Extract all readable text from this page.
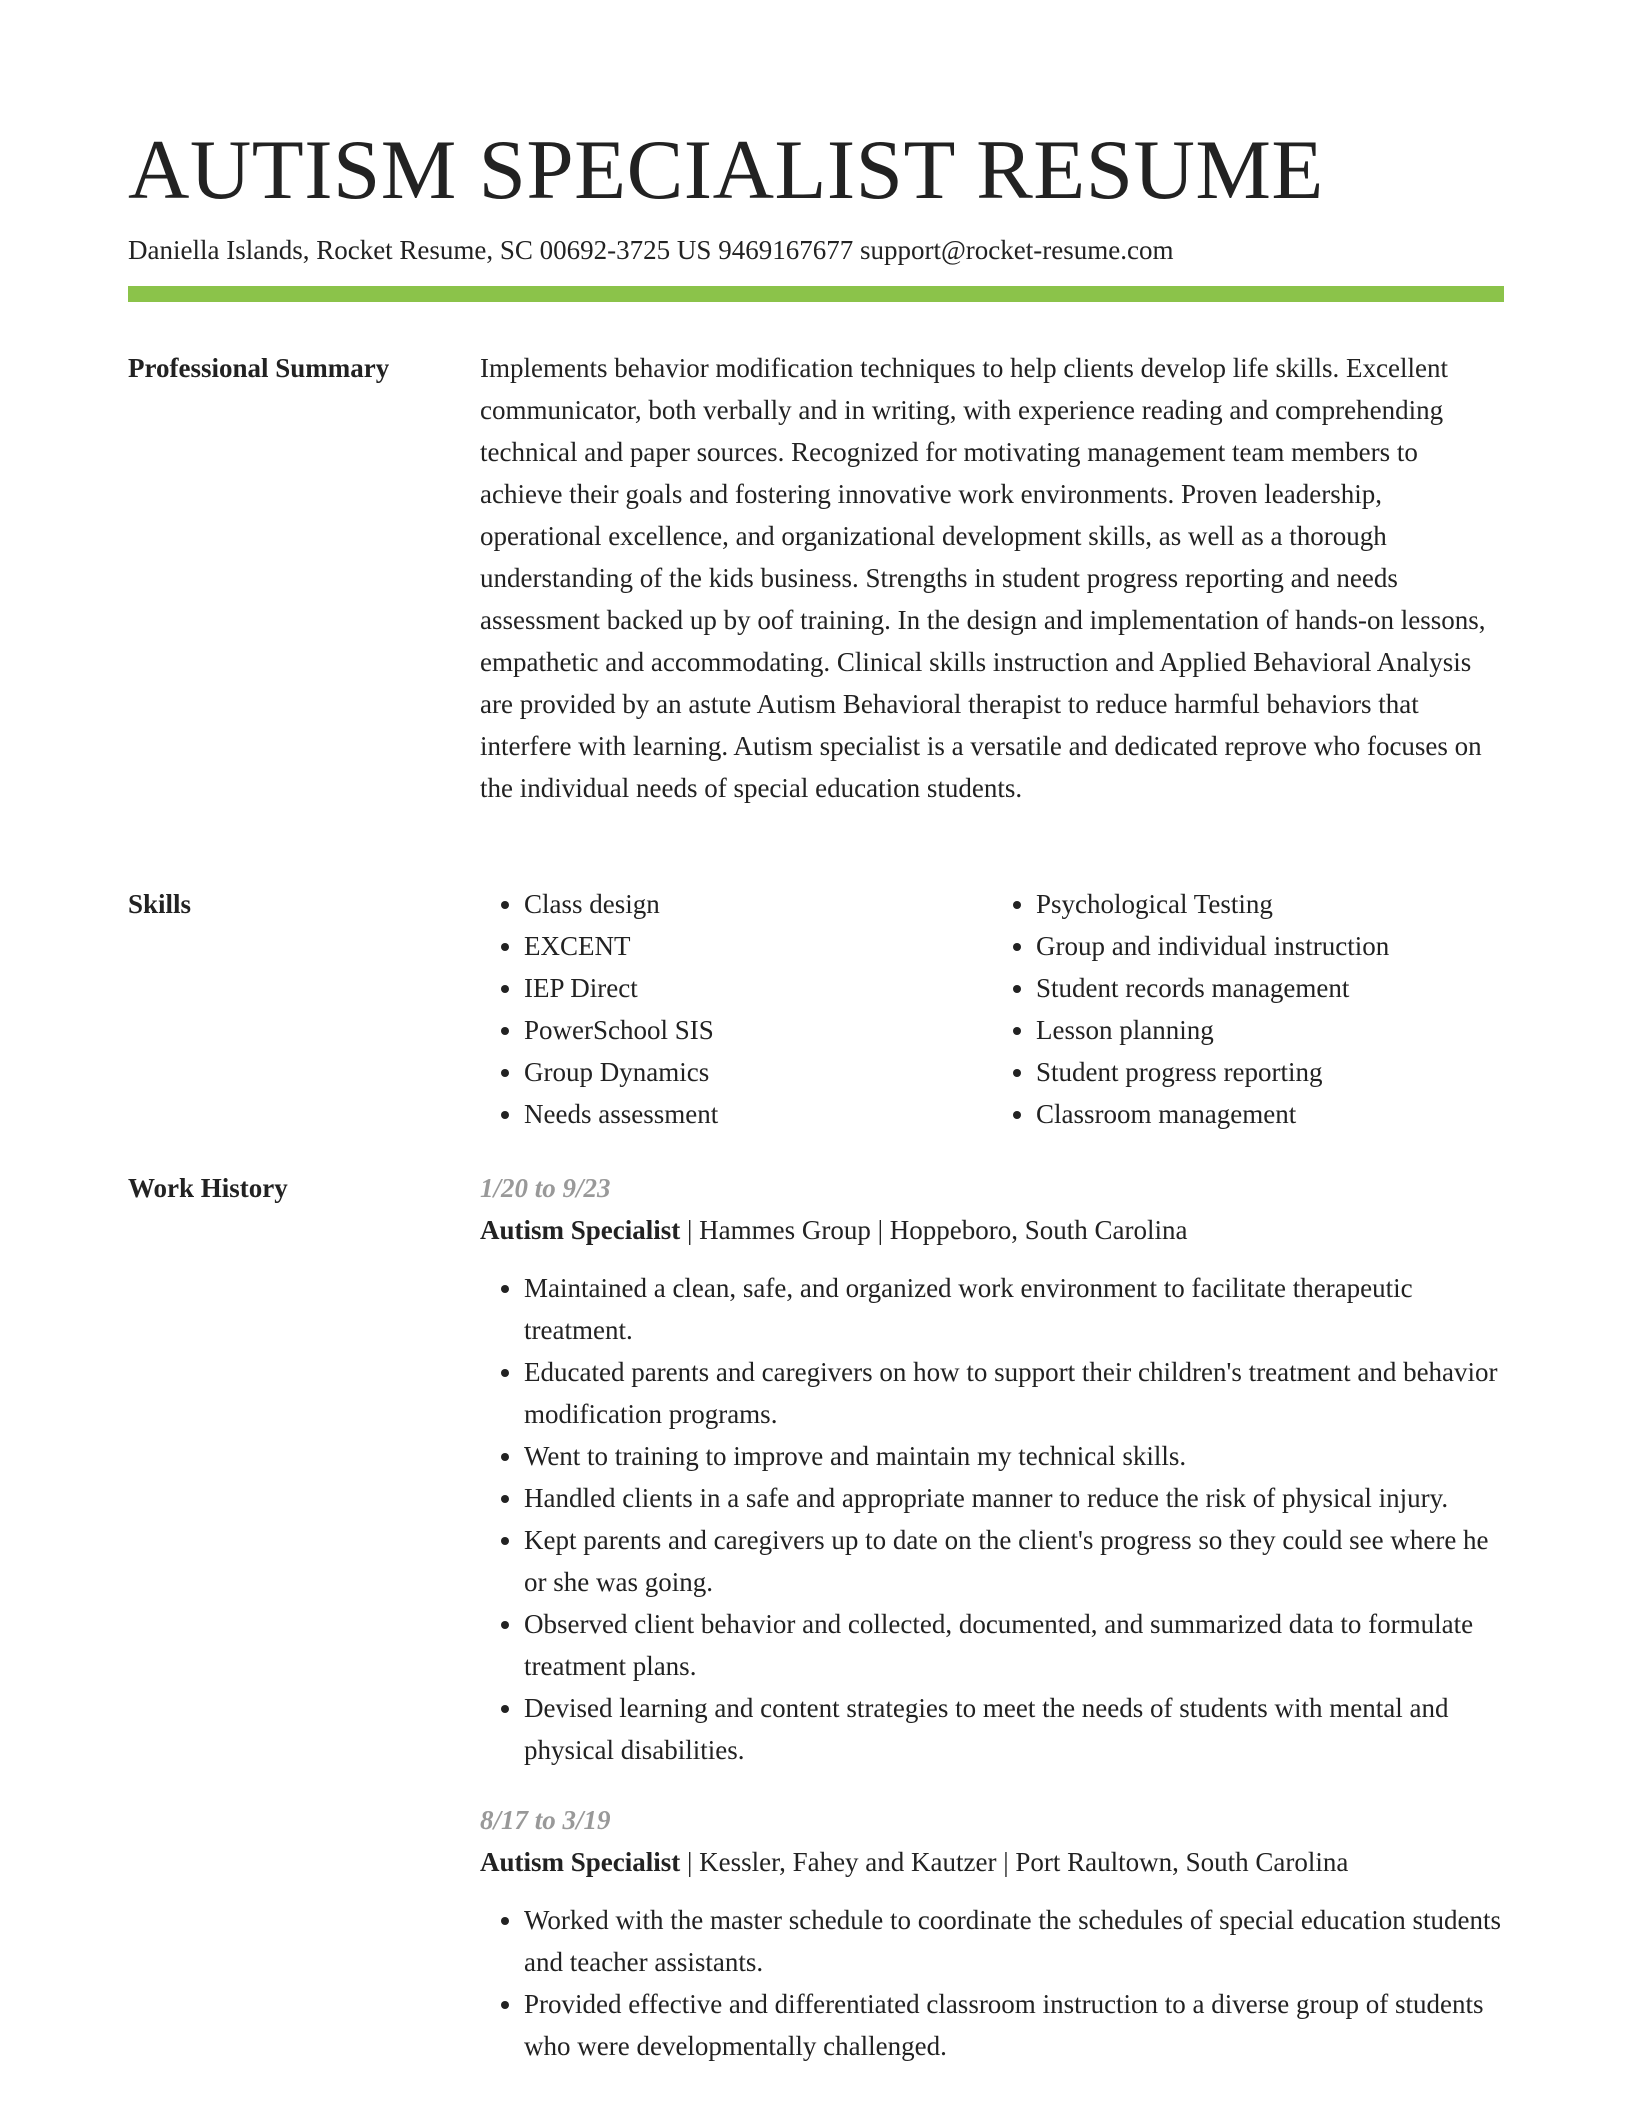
AUTISM SPECIALIST RESUME
Daniella Islands, Rocket Resume, SC 00692-3725 US 9469167677 support@rocket-resume.com
Professional Summary	Implements behavior modification techniques to help clients develop life skills. Excellent communicator, both verbally and in writing, with experience reading and comprehending technical and paper sources. Recognized for motivating management team members to achieve their goals and fostering innovative work environments. Proven leadership, operational excellence, and organizational development skills, as well as a thorough understanding of the kids business. Strengths in student progress reporting and needs assessment backed up by oof training. In the design and implementation of hands-on lessons, empathetic and accommodating. Clinical skills instruction and Applied Behavioral Analysis are provided by an astute Autism Behavioral therapist to reduce harmful behaviors that interfere with learning. Autism specialist is a versatile and dedicated reprove who focuses on the individual needs of special education students.

Skills
•	Class design
• EXCENT
• IEP Direct
• PowerSchool SIS
• Group Dynamics
• Needs assessment
• Psychological Testing
• Group and individual instruction
• Student records management
• Lesson planning
• Student progress reporting
• Classroom management
Work History	1/20 to 9/23
Autism Specialist | Hammes Group | Hoppeboro, South Carolina
• Maintained a clean, safe, and organized work environment to facilitate therapeutic treatment.
• Educated parents and caregivers on how to support their children's treatment and behavior modification programs.
• Went to training to improve and maintain my technical skills.
• Handled clients in a safe and appropriate manner to reduce the risk of physical injury.
• Kept parents and caregivers up to date on the client's progress so they could see where he or she was going.
• Observed client behavior and collected, documented, and summarized data to formulate treatment plans.
• Devised learning and content strategies to meet the needs of students with mental and physical disabilities.
8/17 to 3/19
Autism Specialist | Kessler, Fahey and Kautzer | Port Raultown, South Carolina
• Worked with the master schedule to coordinate the schedules of special education students and teacher assistants.
• Provided effective and differentiated classroom instruction to a diverse group of students who were developmentally challenged.
